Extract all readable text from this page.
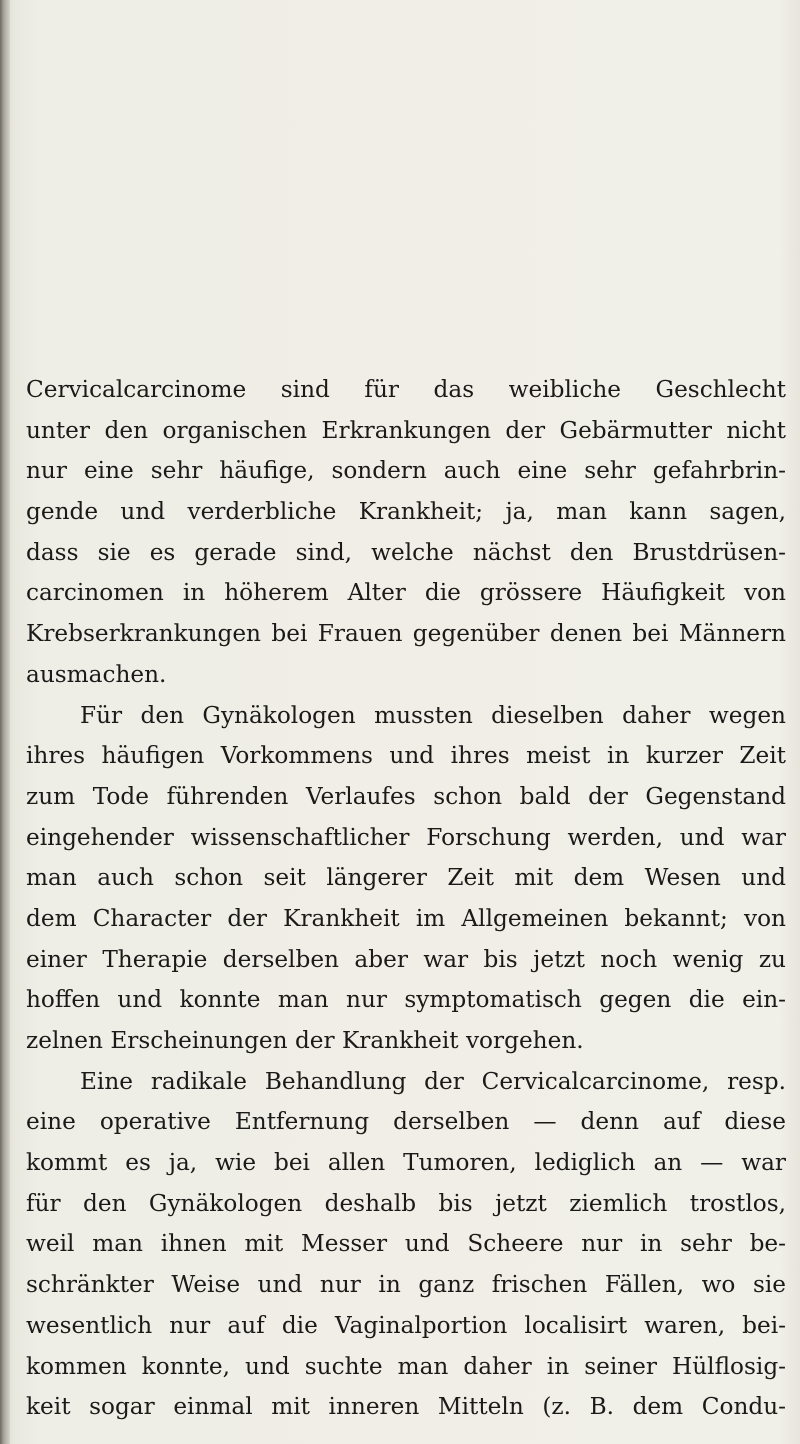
Cervicalcarcinome sind für das weibliche Geschlecht
unter den organischen Erkrankungen der Gebärmutter nicht
nur eine sehr häufige, sondern auch eine sehr gefahrbrin-
gende und verderbliche Krankheit; ja, man kann sagen,
dass sie es gerade sind, welche nächst den Brustdrüsen-
carcinomen in höherem Alter die grössere Häufigkeit von
Krebserkrankungen bei Frauen gegenüber denen bei Männern
ausmachen.
Für den Gynäkologen mussten dieselben daher wegen
ihres häufigen Vorkommens und ihres meist in kurzer Zeit
zum Tode führenden Verlaufes schon bald der Gegenstand
eingehender wissenschaftlicher Forschung werden, und war
man auch schon seit längerer Zeit mit dem Wesen und
dem Character der Krankheit im Allgemeinen bekannt; von
einer Therapie derselben aber war bis jetzt noch wenig zu
hoffen und konnte man nur symptomatisch gegen die ein-
zelnen Erscheinungen der Krankheit vorgehen.
Eine radikale Behandlung der Cervicalcarcinome, resp.
eine operative Entfernung derselben — denn auf diese
kommt es ja, wie bei allen Tumoren, lediglich an — war
für den Gynäkologen deshalb bis jetzt ziemlich trostlos,
weil man ihnen mit Messer und Scheere nur in sehr be-
schränkter Weise und nur in ganz frischen Fällen, wo sie
wesentlich nur auf die Vaginalportion localisirt waren, bei-
kommen konnte, und suchte man daher in seiner Hülflosig-
keit sogar einmal mit inneren Mitteln (z. B. dem Condu-
